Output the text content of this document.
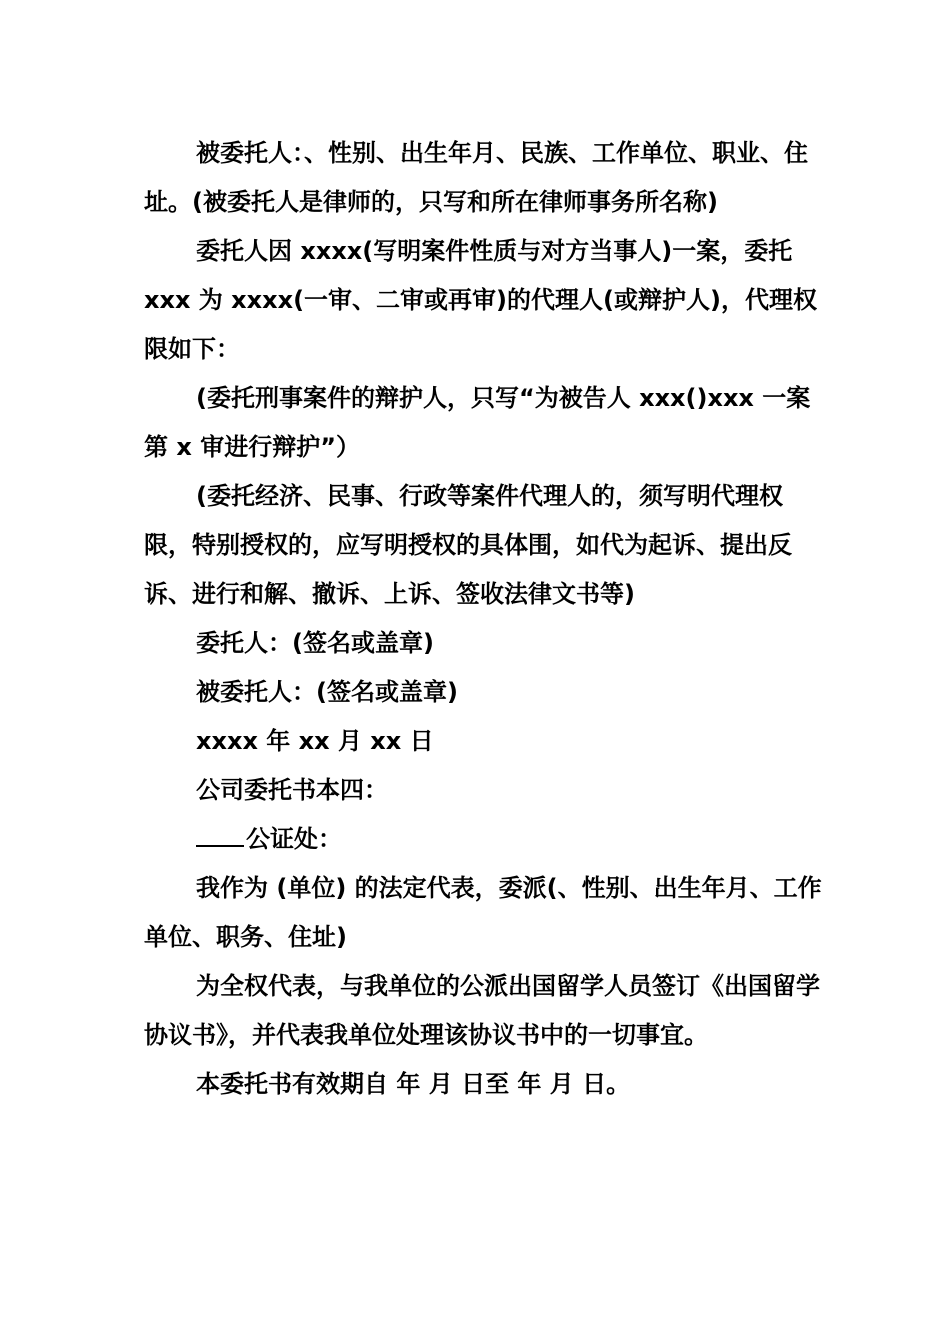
被委托人：、性别、出生年月、民族、工作单位、职业、住址。(被委托人是律师的，只写和所在律师事务所名称)

委托人因 xxxx(写明案件性质与对方当事人)一案，委托 xxx 为 xxxx(一审、二审或再审)的代理人(或辩护人)，代理权限如下：

(委托刑事案件的辩护人，只写“为被告人 xxx()xxx 一案第 x 审进行辩护”）

(委托经济、民事、行政等案件代理人的，须写明代理权限，特别授权的，应写明授权的具体围，如代为起诉、提出反诉、进行和解、撤诉、上诉、签收法律文书等)

委托人：(签名或盖章)

被委托人：(签名或盖章)

xxxx 年 xx 月 xx 日

公司委托书本四：

公证处：

我作为 (单位) 的法定代表，委派(、性别、出生年月、工作单位、职务、住址)

为全权代表，与我单位的公派出国留学人员签订《出国留学协议书》，并代表我单位处理该协议书中的一切事宜。

本委托书有效期自 年 月 日至 年 月 日。
